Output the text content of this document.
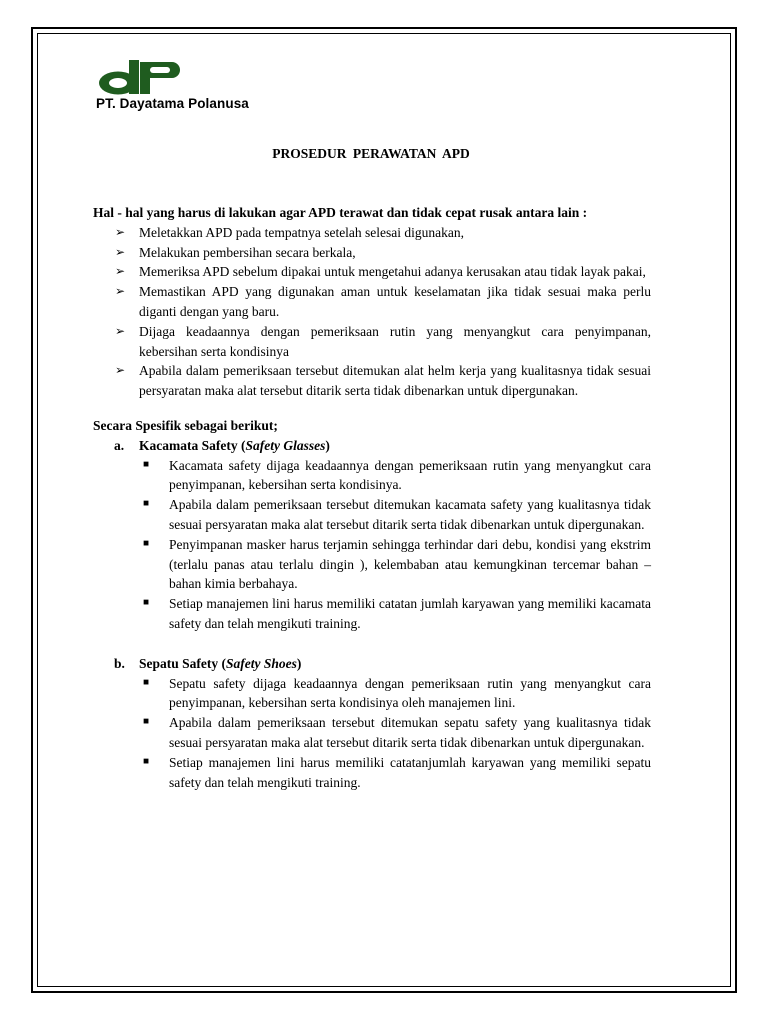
PT. Dayatama Polanusa
PROSEDUR PERAWATAN APD

Hal - hal yang harus di lakukan agar APD terawat dan tidak cepat rusak antara lain :

➢ Meletakkan APD pada tempatnya setelah selesai digunakan,
➢ Melakukan pembersihan secara berkala,
➢ Memeriksa APD sebelum dipakai untuk mengetahui adanya kerusakan atau tidak layak pakai,
➢ Memastikan APD yang digunakan aman untuk keselamatan jika tidak sesuai maka perlu diganti dengan yang baru.
➢ Dijaga keadaannya dengan pemeriksaan rutin yang menyangkut cara penyimpanan, kebersihan serta kondisinya
➢ Apabila dalam pemeriksaan tersebut ditemukan alat helm kerja yang kualitasnya tidak sesuai persyaratan maka alat tersebut ditarik serta tidak dibenarkan untuk dipergunakan.
Secara Spesifik sebagai berikut;
a. Kacamata Safety (Safety Glasses)
■ Kacamata safety dijaga keadaannya dengan pemeriksaan rutin yang menyangkut cara penyimpanan, kebersihan serta kondisinya.
■ Apabila dalam pemeriksaan tersebut ditemukan kacamata safety yang kualitasnya tidak sesuai persyaratan maka alat tersebut ditarik serta tidak dibenarkan untuk dipergunakan.
■ Penyimpanan masker harus terjamin sehingga terhindar dari debu, kondisi yang ekstrim (terlalu panas atau terlalu dingin ), kelembaban atau kemungkinan tercemar bahan – bahan kimia berbahaya.
■ Setiap manajemen lini harus memiliki catatan jumlah karyawan yang memiliki kacamata safety dan telah mengikuti training.
b. Sepatu Safety (Safety Shoes)
■ Sepatu safety dijaga keadaannya dengan pemeriksaan rutin yang menyangkut cara penyimpanan, kebersihan serta kondisinya oleh manajemen lini.
■ Apabila dalam pemeriksaan tersebut ditemukan sepatu safety yang kualitasnya tidak sesuai persyaratan maka alat tersebut ditarik serta tidak dibenarkan untuk dipergunakan.
■ Setiap manajemen lini harus memiliki catatanjumlah karyawan yang memiliki sepatu safety dan telah mengikuti training.
